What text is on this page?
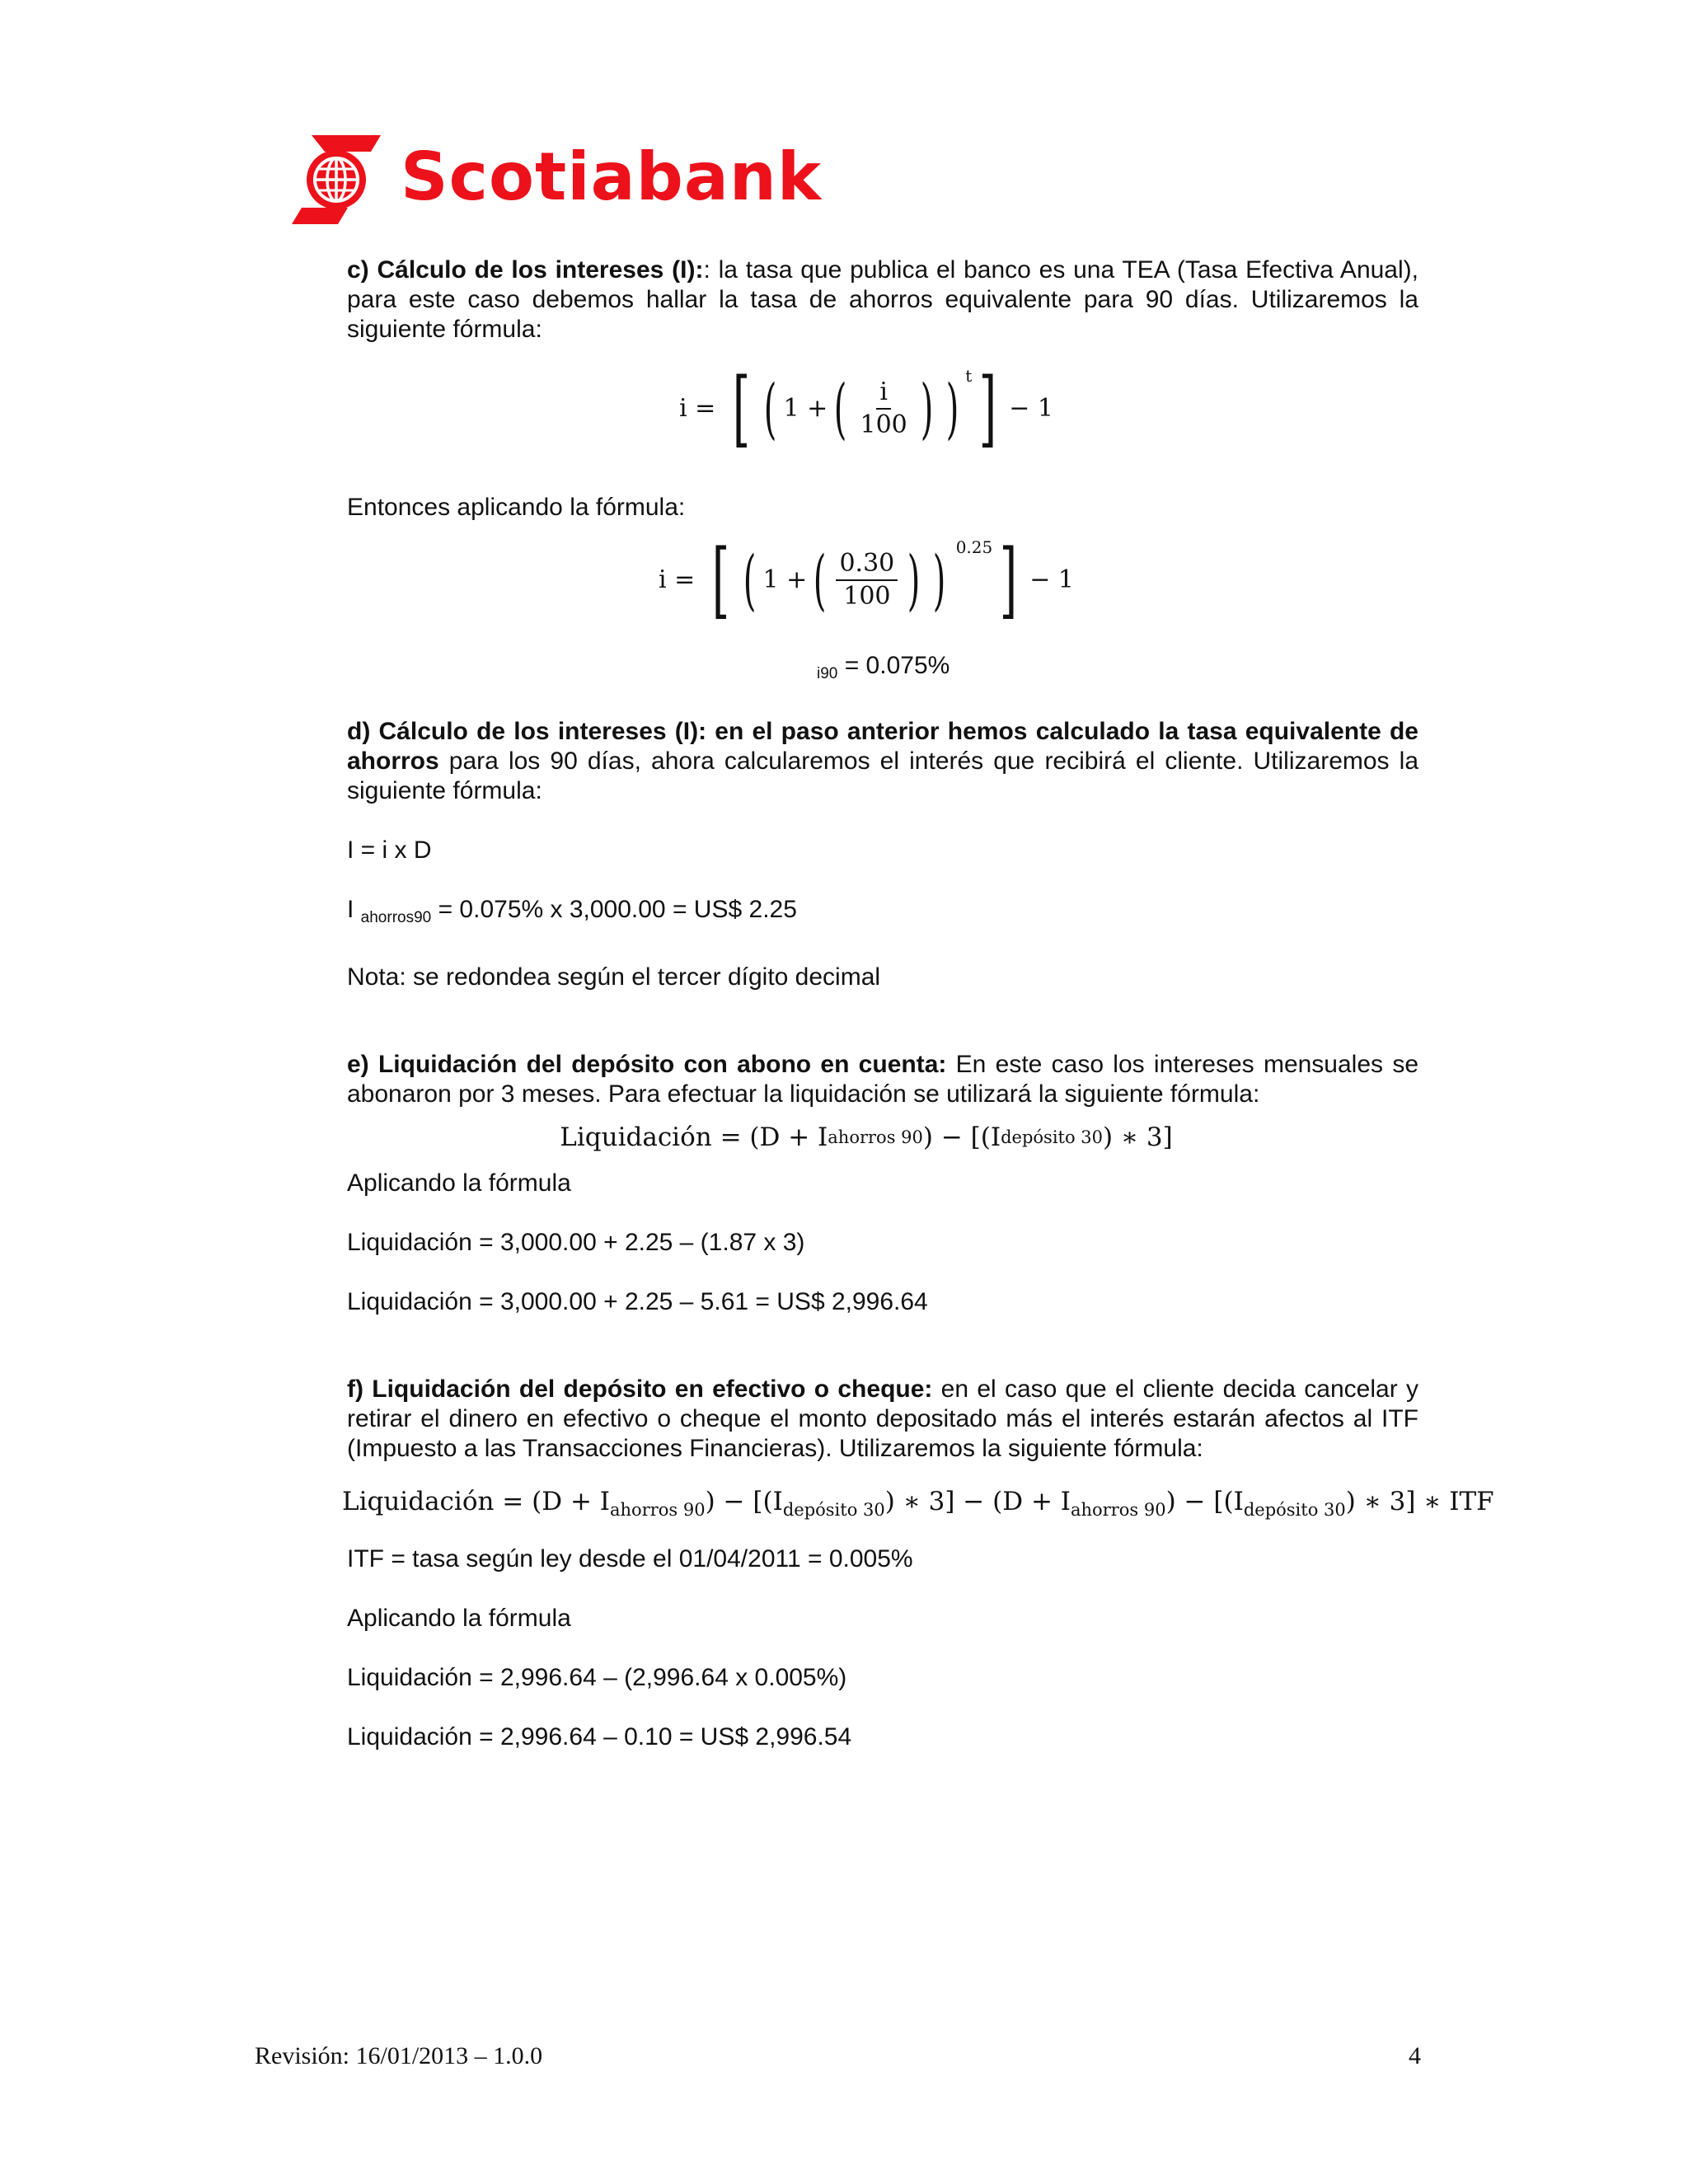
Scotiabank

c) Cálculo de los intereses (I):: la tasa que publica el banco es una TEA (Tasa Efectiva Anual), para este caso debemos hallar la tasa de ahorros equivalente para 90 días. Utilizaremos la siguiente fórmula:

i = [ ( 1 + ( $\frac{i}{100}$ ) ) t ] − 1

Entonces aplicando la fórmula:

i = [ ( 1 + ( $\frac{0.30}{100}$ ) ) 0.25 ] − 1

$_{i90}$ = 0.075%

d) Cálculo de los intereses (I): en el paso anterior hemos calculado la tasa equivalente de ahorros para los 90 días, ahora calcularemos el interés que recibirá el cliente. Utilizaremos la siguiente fórmula:

I = i x D

I $_{ahorros90}$ = 0.075% x 3,000.00 = US$ 2.25

Nota: se redondea según el tercer dígito decimal

e) Liquidación del depósito con abono en cuenta: En este caso los intereses mensuales se abonaron por 3 meses. Para efectuar la liquidación se utilizará la siguiente fórmula:

Liquidación = (D + I ahorros 90 ) − [(I depósito 30 ) ∗ 3]

Aplicando la fórmula

Liquidación = 3,000.00 + 2.25 – (1.87 x 3)

Liquidación = 3,000.00 + 2.25 – 5.61 = US$ 2,996.64

f) Liquidación del depósito en efectivo o cheque: en el caso que el cliente decida cancelar y retirar el dinero en efectivo o cheque el monto depositado más el interés estarán afectos al ITF (Impuesto a las Transacciones Financieras). Utilizaremos la siguiente fórmula:

Liquidación = $(D + I_{ahorros 90}) - [(I_{depósito 30})$ ∗ $3] - (D + I_{ahorros 90}) - [(I_{depósito 30})$ ∗ 3] ∗ ITF

ITF = tasa según ley desde el 01/04/2011 = 0.005%

Aplicando la fórmula

Liquidación = 2,996.64 – (2,996.64 x 0.005%)

Liquidación = 2,996.64 – 0.10 = US$ 2,996.54

Revisión: 16/01/2013 – 1.0.0	4
